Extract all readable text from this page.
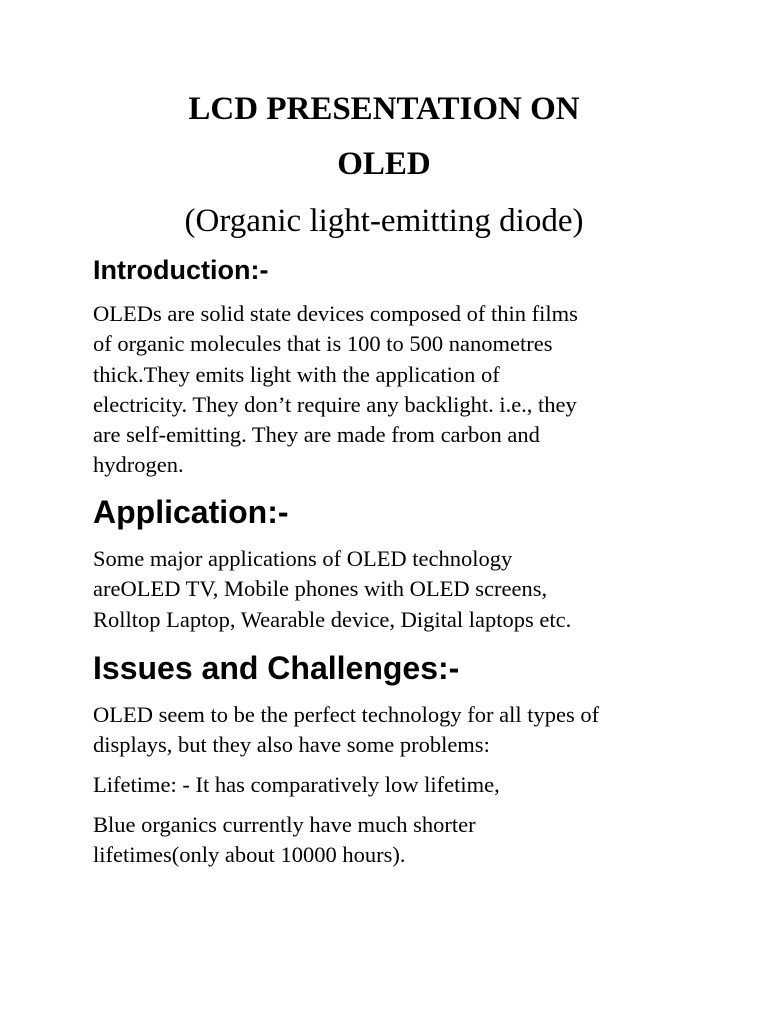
LCD PRESENTATION ON
OLED
(Organic light-emitting diode)
Introduction:-

OLEDs are solid state devices composed of thin films
of organic molecules that is 100 to 500 nanometres
thick.They emits light with the application of
electricity. They don’t require any backlight. i.e., they
are self-emitting. They are made from carbon and
hydrogen.

Application:-

Some major applications of OLED technology
areOLED TV, Mobile phones with OLED screens,
Rolltop Laptop, Wearable device, Digital laptops etc.

Issues and Challenges:-

OLED seem to be the perfect technology for all types of
displays, but they also have some problems:

Lifetime: - It has comparatively low lifetime,

Blue organics currently have much shorter
lifetimes(only about 10000 hours).
